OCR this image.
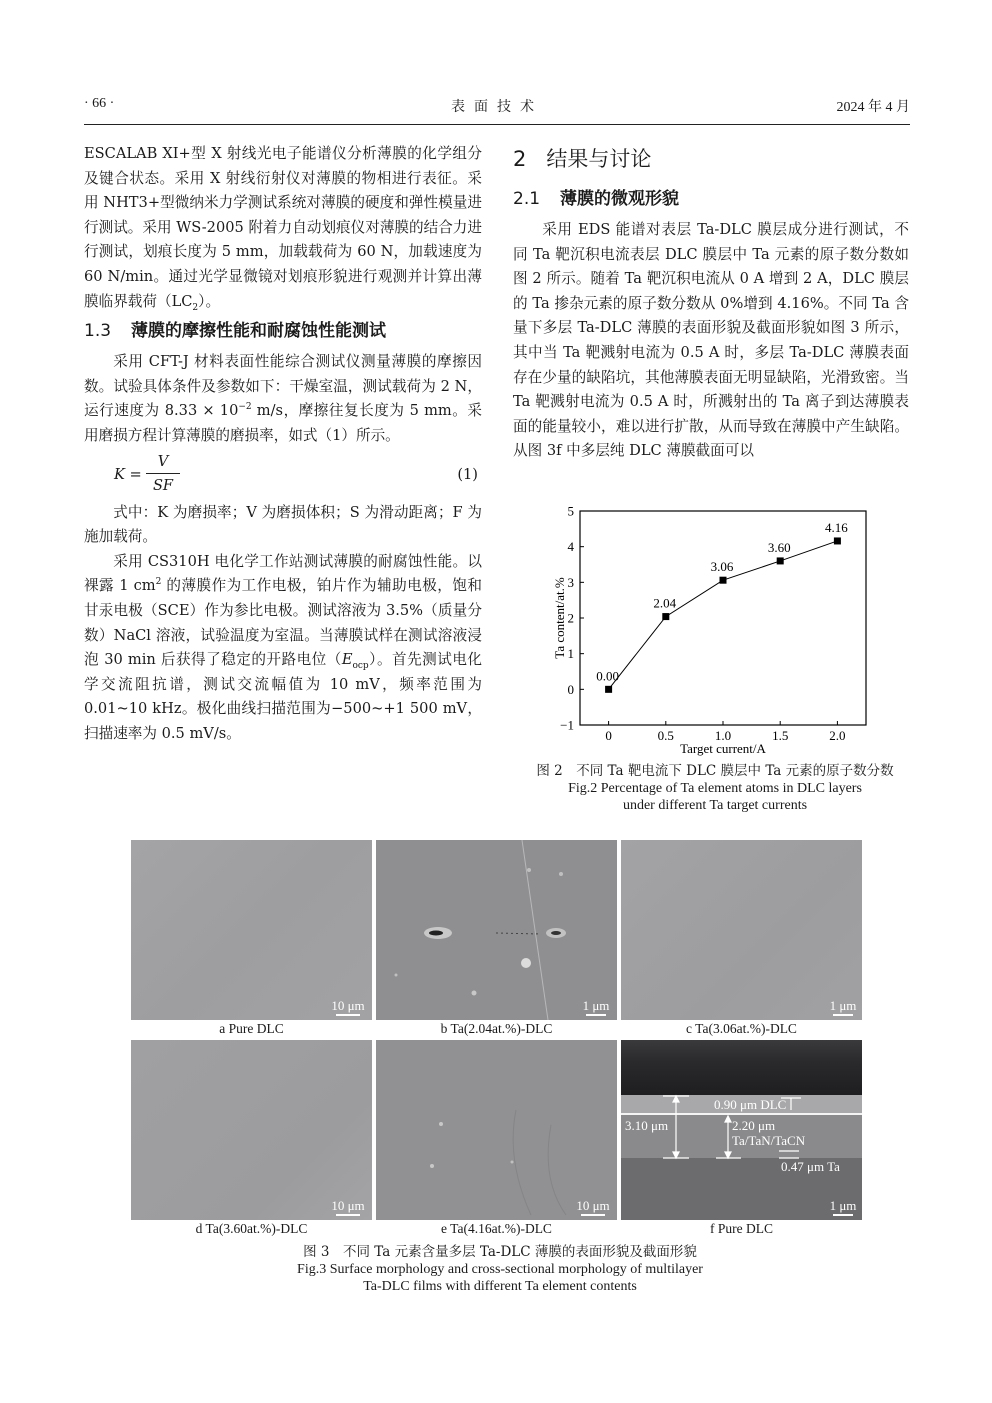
· 66 ·	表面技术	2024 年 4 月

ESCALAB XI+型 X 射线光电子能谱仪分析薄膜的化学组分及键合状态。采用 X 射线衍射仪对薄膜的物相进行表征。采用 NHT3+型微纳米力学测试系统对薄膜的硬度和弹性模量进行测试。采用 WS-2005 附着力自动划痕仪对薄膜的结合力进行测试，划痕长度为 5 mm，加载载荷为 60 N，加载速度为 60 N/min。通过光学显微镜对划痕形貌进行观测并计算出薄膜临界载荷$(LC_2)$。

1.3 薄膜的摩擦性能和耐腐蚀性能测试

采用 CFT-J 材料表面性能综合测试仪测量薄膜的摩擦因数。试验具体条件及参数如下：干燥室温，测试载荷为 2 N，运行速度为 $8.33 \times 10^{-2}$ m/s，摩擦往复长度为 5 mm。采用磨损方程计算薄膜的磨损率，如式（1）所示。

K =
V
SF
(1)

式中：K 为磨损率；V 为磨损体积；S 为滑动距离；F 为施加载荷。

采用 CS310H 电化学工作站测试薄膜的耐腐蚀性能。以裸露 1 $cm^2$ 的薄膜作为工作电极，铂片作为辅助电极，饱和甘汞电极（SCE）作为参比电极。测试溶液为 3.5%（质量分数）NaCl 溶液，试验温度为室温。当薄膜试样在测试溶液浸泡 30 min 后获得了稳定的开路电位$(E_{ocp})$。首先测试电化学交流阻抗谱，测试交流幅值为 10 mV，频率范围为 0.01~10 kHz。极化曲线扫描范围为−500~+1 500 mV，扫描速率为 0.5 mV/s。

2 结果与讨论
2.1 薄膜的微观形貌

采用 EDS 能谱对表层 Ta-DLC 膜层成分进行测试，不同 Ta 靶沉积电流表层 DLC 膜层中 Ta 元素的原子数分数如图 2 所示。随着 Ta 靶沉积电流从 0 A 增到 2 A，DLC 膜层的 Ta 掺杂元素的原子数分数从 0%增到 4.16%。不同 Ta 含量下多层 Ta-DLC 薄膜的表面形貌及截面形貌如图 3 所示，其中当 Ta 靶溅射电流为 0.5 A 时，多层 Ta-DLC 薄膜表面存在少量的缺陷坑，其他薄膜表面无明显缺陷，光滑致密。当 Ta 靶溅射电流为 0.5 A 时，所溅射出的 Ta 离子到达薄膜表面的能量较小，难以进行扩散，从而导致在薄膜中产生缺陷。从图 3f 中多层纯 DLC 薄膜截面可以

−1
0
1
2
3
4
5
0	0.5	1.0	1.5	2.0
Target current/A
Ta content/at.%
0.00
2.04
3.06
3.60
4.16
图 2　不同 Ta 靶电流下 DLC 膜层中 Ta 元素的原子数分数
Fig.2 Percentage of Ta element atoms in DLC layers
under different Ta target currents
10 μm
a Pure DLC
1 μm
b Ta(2.04at.%)-DLC
1 μm
c Ta(3.06at.%)-DLC
10 μm
d Ta(3.60at.%)-DLC
10 μm
e Ta(4.16at.%)-DLC
0.90 μm DLC
3.10 μm	2.20 μm
Ta/TaN/TaCN
0.47 μm Ta
1 μm
f Pure DLC
图 3　不同 Ta 元素含量多层 Ta-DLC 薄膜的表面形貌及截面形貌
Fig.3 Surface morphology and cross-sectional morphology of multilayer
Ta-DLC films with different Ta element contents
